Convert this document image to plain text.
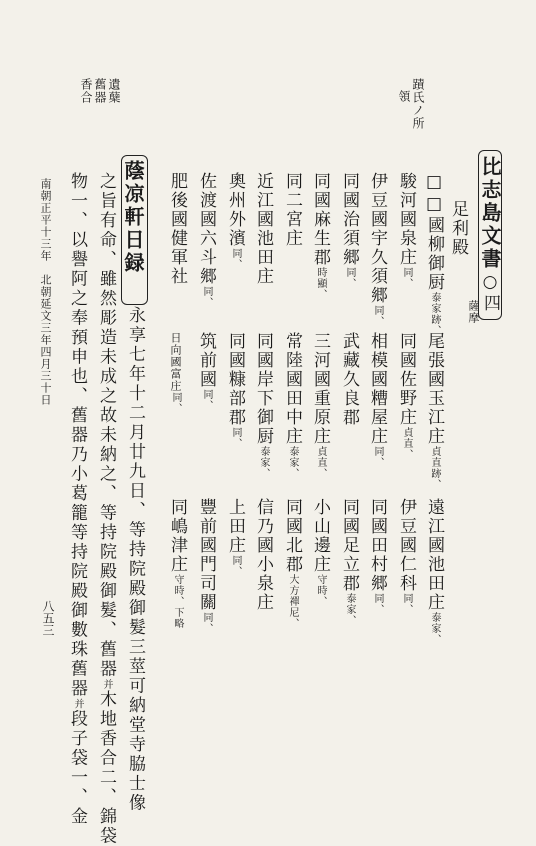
蹟氏ノ所
領
遺蘖
舊器
香合
比志島文書
○四
薩摩
足利殿
□□國柳御厨泰家跡、
駿河國泉庄同、
伊豆國宇久須郷同、
同國治須郷同、
同國麻生郡時顯、
同二宮庄
近江國池田庄
奧州外濱同、
佐渡國六斗郷同、
肥後國健軍社
尾張國玉江庄貞直跡、
同國佐野庄貞直、
相模國糟屋庄同、
武藏久良郡
三河國重原庄貞直、
常陸國田中庄泰家、
同國岸下御厨泰家、
同國糠部郡同、
筑前國同、
日向國富庄同、
遠江國池田庄泰家、
伊豆國仁科同、
同國田村郷同、
同國足立郡泰家、
小山邊庄守時、
同國北郡大方禪尼、
信乃國小泉庄
上田庄同、
豐前國門司關同、
同嶋津庄守時、下略
蔭凉軒日録
永享七年十二月廿九日、等持院殿御髮三莖可納堂寺脇士像
之旨有命、雖然彫造未成之故未納之、等持院殿御髮、舊器并木地香合二、錦袋
物一、以譽阿之奉預申也、舊器乃小葛籠等持院殿御數珠舊器并段子袋一、金
南朝正平十三年　北朝延文三年四月三十日
八五三
